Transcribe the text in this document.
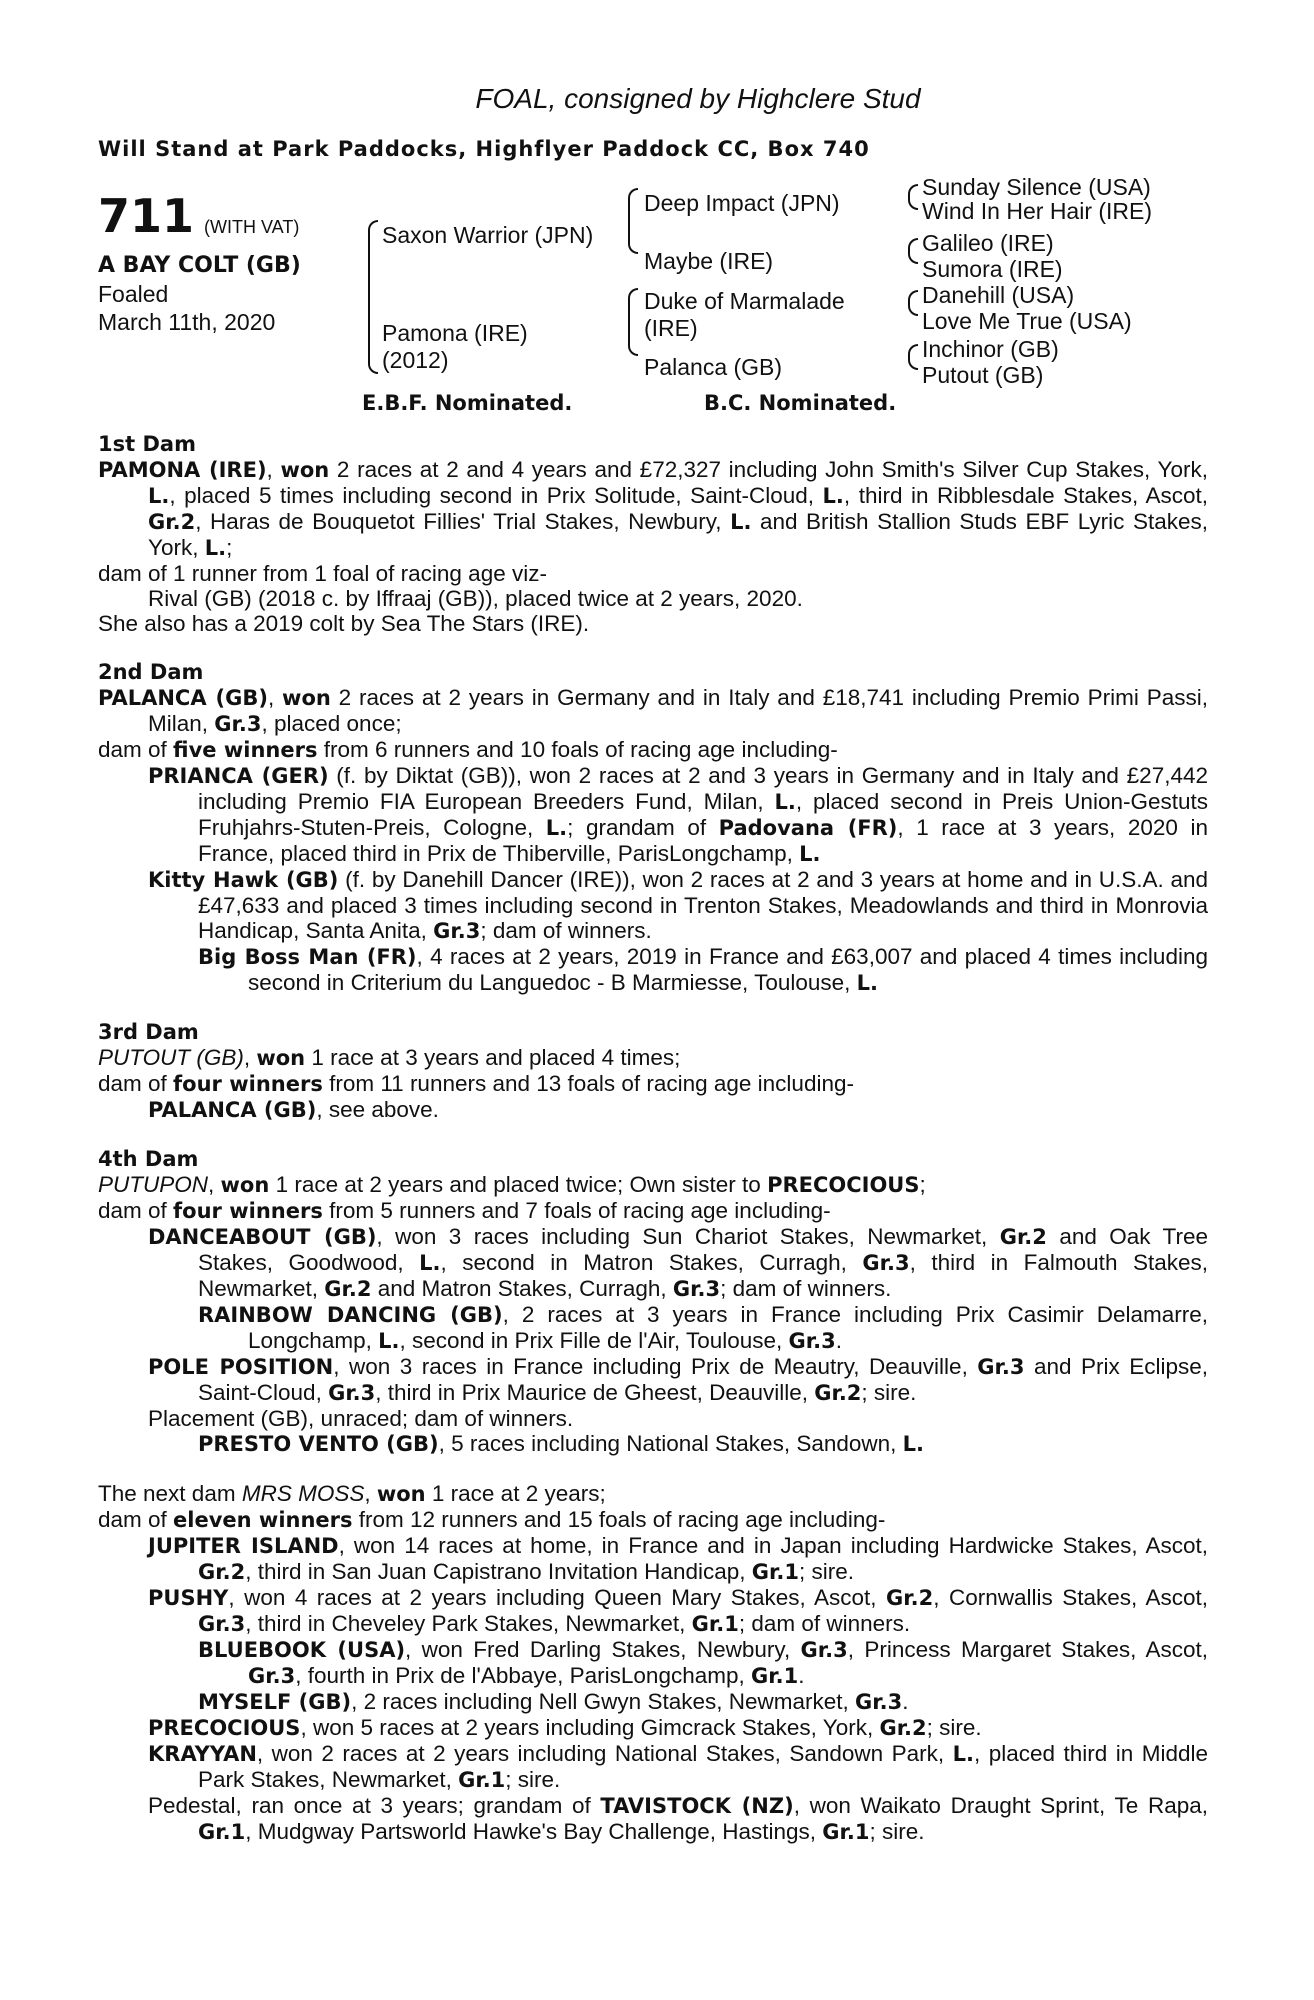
FOAL, consigned by Highclere Stud
Will Stand at Park Paddocks, Highflyer Paddock CC, Box 740
711 (WITH VAT)
A BAY COLT (GB)
Foaled
March 11th, 2020
Saxon Warrior (JPN)
Pamona (IRE)
(2012)
Deep Impact (JPN)
Maybe (IRE)
Duke of Marmalade
(IRE)
Palanca (GB)
Sunday Silence (USA)
Wind In Her Hair (IRE)
Galileo (IRE)
Sumora (IRE)
Danehill (USA)
Love Me True (USA)
Inchinor (GB)
Putout (GB)
E.B.F. Nominated.	B.C. Nominated.
1st Dam
PAMONA (IRE), won 2 races at 2 and 4 years and £72,327 including John Smith's Silver Cup Stakes, York, L., placed 5 times including second in Prix Solitude, Saint-Cloud, L., third in Ribblesdale Stakes, Ascot, Gr.2, Haras de Bouquetot Fillies' Trial Stakes, Newbury, L. and British Stallion Studs EBF Lyric Stakes, York, L.;
dam of 1 runner from 1 foal of racing age viz-
Rival (GB) (2018 c. by Iffraaj (GB)), placed twice at 2 years, 2020.
She also has a 2019 colt by Sea The Stars (IRE).
2nd Dam
PALANCA (GB), won 2 races at 2 years in Germany and in Italy and £18,741 including Premio Primi Passi, Milan, Gr.3, placed once;
dam of five winners from 6 runners and 10 foals of racing age including-
PRIANCA (GER) (f. by Diktat (GB)), won 2 races at 2 and 3 years in Germany and in Italy and £27,442 including Premio FIA European Breeders Fund, Milan, L., placed second in Preis Union-Gestuts Fruhjahrs-Stuten-Preis, Cologne, L.; grandam of Padovana (FR), 1 race at 3 years, 2020 in France, placed third in Prix de Thiberville, ParisLongchamp, L.
Kitty Hawk (GB) (f. by Danehill Dancer (IRE)), won 2 races at 2 and 3 years at home and in U.S.A. and £47,633 and placed 3 times including second in Trenton Stakes, Meadowlands and third in Monrovia Handicap, Santa Anita, Gr.3; dam of winners.
Big Boss Man (FR), 4 races at 2 years, 2019 in France and £63,007 and placed 4 times including second in Criterium du Languedoc - B Marmiesse, Toulouse, L.
3rd Dam
PUTOUT (GB), won 1 race at 3 years and placed 4 times;
dam of four winners from 11 runners and 13 foals of racing age including-
PALANCA (GB), see above.
4th Dam
PUTUPON, won 1 race at 2 years and placed twice; Own sister to PRECOCIOUS;
dam of four winners from 5 runners and 7 foals of racing age including-
DANCEABOUT (GB), won 3 races including Sun Chariot Stakes, Newmarket, Gr.2 and Oak Tree Stakes, Goodwood, L., second in Matron Stakes, Curragh, Gr.3, third in Falmouth Stakes, Newmarket, Gr.2 and Matron Stakes, Curragh, Gr.3; dam of winners.
RAINBOW DANCING (GB), 2 races at 3 years in France including Prix Casimir Delamarre, Longchamp, L., second in Prix Fille de l'Air, Toulouse, Gr.3.
POLE POSITION, won 3 races in France including Prix de Meautry, Deauville, Gr.3 and Prix Eclipse, Saint-Cloud, Gr.3, third in Prix Maurice de Gheest, Deauville, Gr.2; sire.
Placement (GB), unraced; dam of winners.
PRESTO VENTO (GB), 5 races including National Stakes, Sandown, L.
The next dam MRS MOSS, won 1 race at 2 years;
dam of eleven winners from 12 runners and 15 foals of racing age including-
JUPITER ISLAND, won 14 races at home, in France and in Japan including Hardwicke Stakes, Ascot, Gr.2, third in San Juan Capistrano Invitation Handicap, Gr.1; sire.
PUSHY, won 4 races at 2 years including Queen Mary Stakes, Ascot, Gr.2, Cornwallis Stakes, Ascot, Gr.3, third in Cheveley Park Stakes, Newmarket, Gr.1; dam of winners.
BLUEBOOK (USA), won Fred Darling Stakes, Newbury, Gr.3, Princess Margaret Stakes, Ascot, Gr.3, fourth in Prix de l'Abbaye, ParisLongchamp, Gr.1.
MYSELF (GB), 2 races including Nell Gwyn Stakes, Newmarket, Gr.3.
PRECOCIOUS, won 5 races at 2 years including Gimcrack Stakes, York, Gr.2; sire.
KRAYYAN, won 2 races at 2 years including National Stakes, Sandown Park, L., placed third in Middle Park Stakes, Newmarket, Gr.1; sire.
Pedestal, ran once at 3 years; grandam of TAVISTOCK (NZ), won Waikato Draught Sprint, Te Rapa, Gr.1, Mudgway Partsworld Hawke's Bay Challenge, Hastings, Gr.1; sire.
